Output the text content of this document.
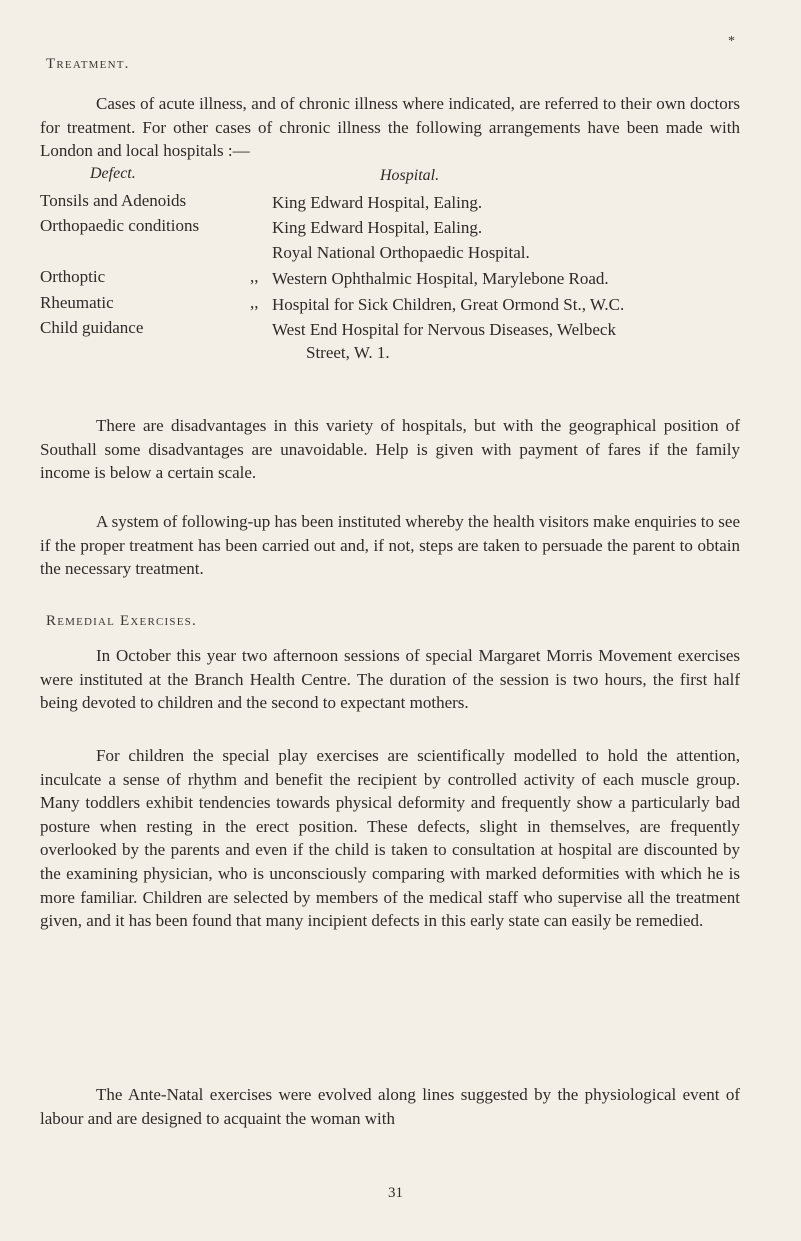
*
Treatment.

Cases of acute illness, and of chronic illness where indicated, are referred to their own doctors for treatment. For other cases of chronic illness the following arrangements have been made with London and local hospitals :—

Defect.	Hospital.
Tonsils and Adenoids	King Edward Hospital, Ealing.
Orthopaedic conditions	King Edward Hospital, Ealing.
Royal National Orthopaedic Hospital.
Orthoptic	,, Western Ophthalmic Hospital, Marylebone Road.
Rheumatic	,, Hospital for Sick Children, Great Ormond St., W.C.
Child guidance	West End Hospital for Nervous Diseases, Welbeck
Street, W. 1.

There are disadvantages in this variety of hospitals, but with the geographical position of Southall some disadvantages are unavoidable. Help is given with payment of fares if the family income is below a certain scale.

A system of following-up has been instituted whereby the health visitors make enquiries to see if the proper treatment has been carried out and, if not, steps are taken to persuade the parent to obtain the necessary treatment.

Remedial Exercises.

In October this year two afternoon sessions of special Margaret Morris Movement exercises were instituted at the Branch Health Centre. The duration of the session is two hours, the first half being devoted to children and the second to expectant mothers.

For children the special play exercises are scientifically modelled to hold the attention, inculcate a sense of rhythm and benefit the recipient by controlled activity of each muscle group. Many toddlers exhibit tendencies towards physical deformity and frequently show a particularly bad posture when resting in the erect position. These defects, slight in themselves, are frequently overlooked by the parents and even if the child is taken to consultation at hospital are discounted by the examining physician, who is unconsciously comparing with marked deformities with which he is more familiar. Children are selected by members of the medical staff who supervise all the treatment given, and it has been found that many incipient defects in this early state can easily be remedied.

The Ante-Natal exercises were evolved along lines suggested by the physiological event of labour and are designed to acquaint the woman with

31
